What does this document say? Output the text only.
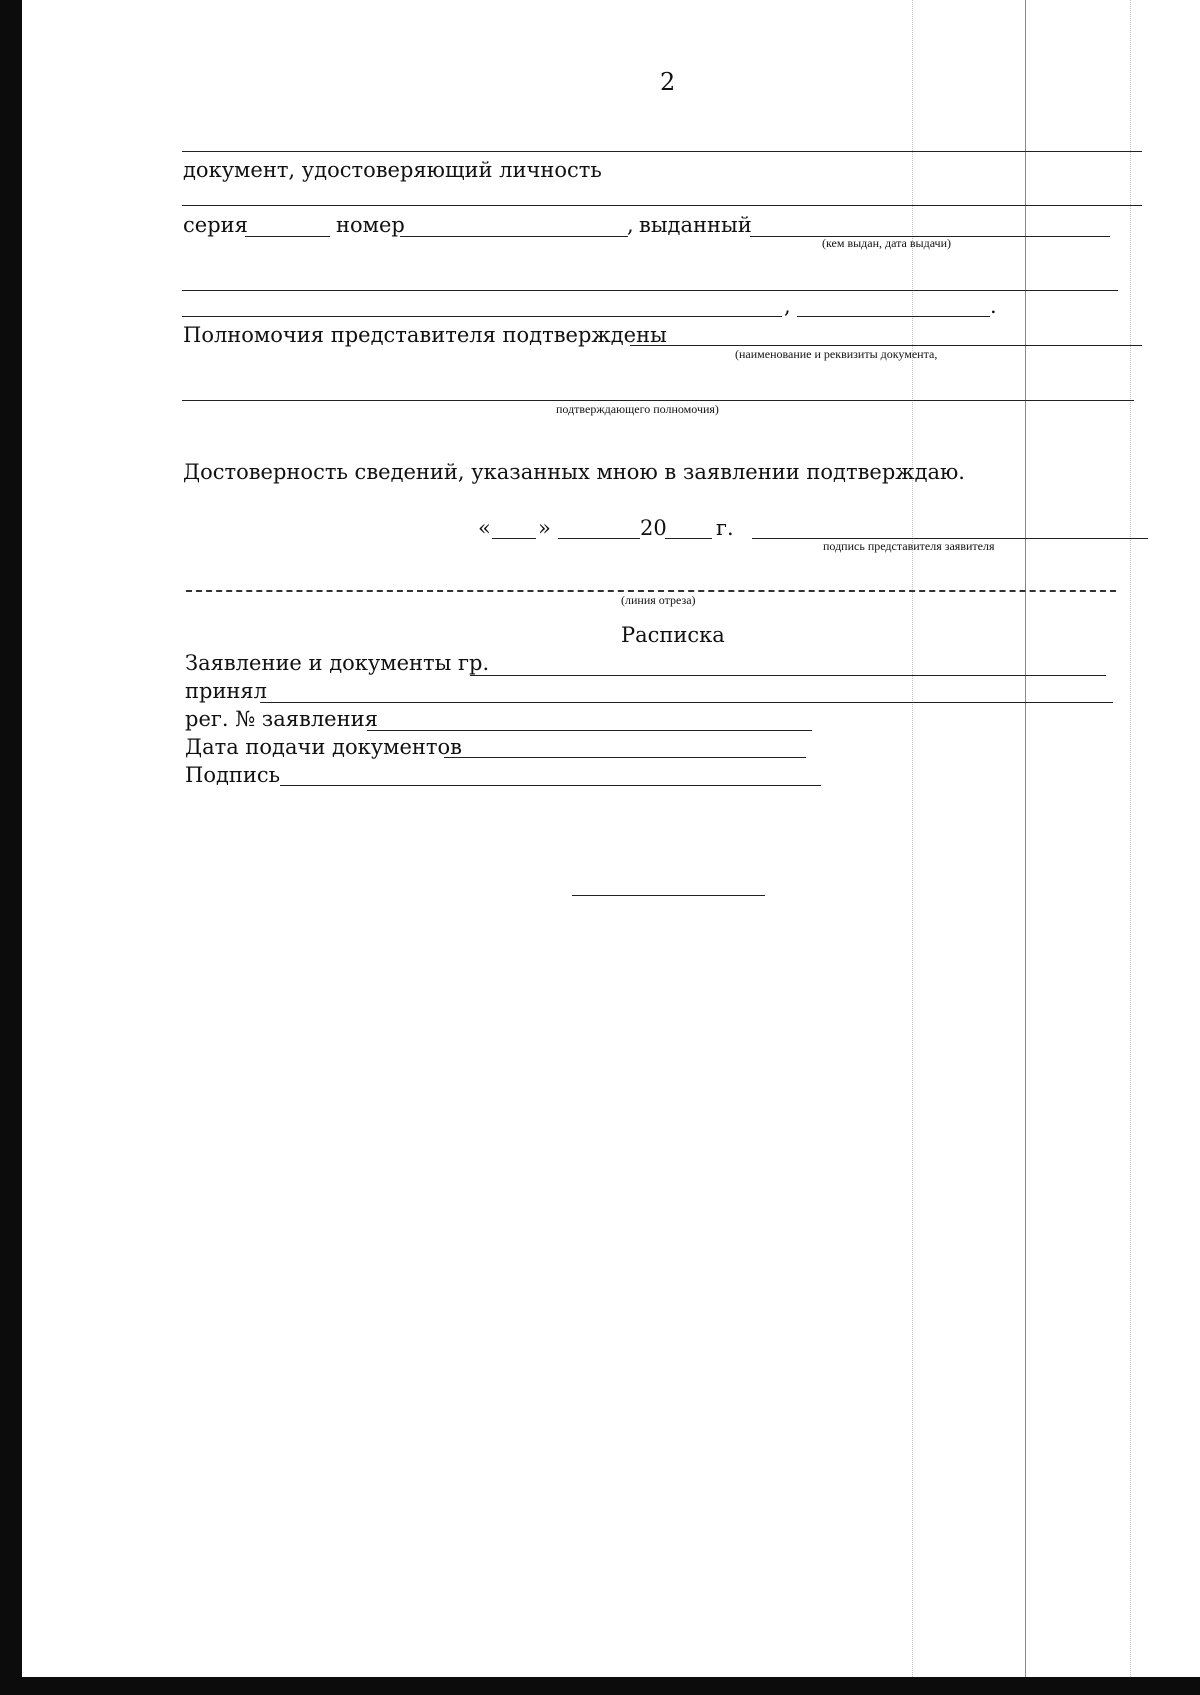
2
документ, удостоверяющий личность
серия	номер	, выданный
(кем выдан, дата выдачи)
,	.
Полномочия представителя подтверждены
(наименование и реквизиты документа,
подтверждающего полномочия)
Достоверность сведений, указанных мною в заявлении подтверждаю.
« »	20 г.
подпись представителя заявителя
(линия отреза)
Расписка
Заявление и документы гр.
принял
рег. № заявления
Дата подачи документов
Подпись
